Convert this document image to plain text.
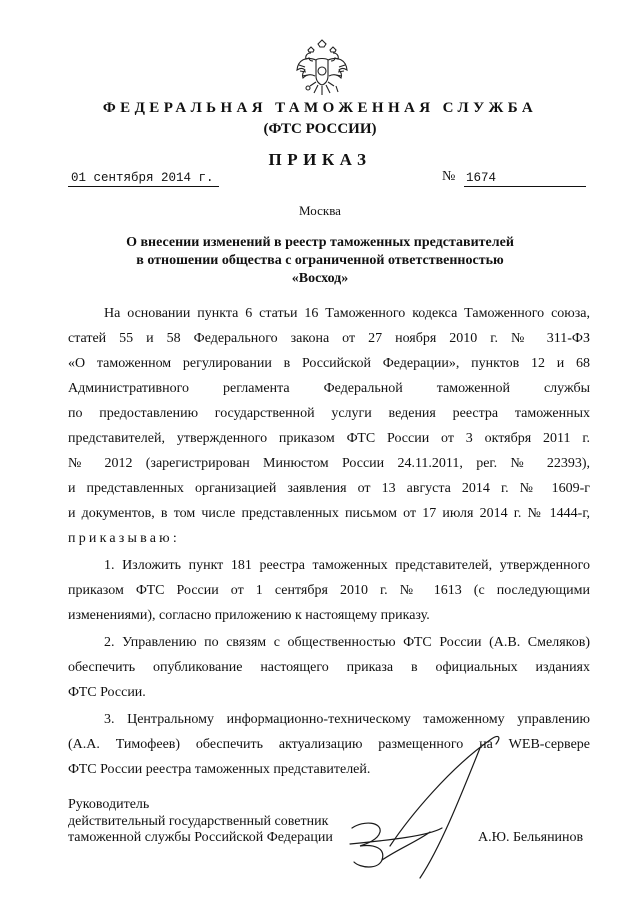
ФЕДЕРАЛЬНАЯ ТАМОЖЕННАЯ СЛУЖБА
(ФТС РОССИИ)
ПРИКАЗ
01 сентября 2014 г.	№ 1674
Москва
О внесении изменений в реестр таможенных представителей
в отношении общества с ограниченной ответственностью
«Восход»
На основании пункта 6 статьи 16 Таможенного кодекса Таможенного союза,
статей 55 и 58 Федерального закона от 27 ноября 2010 г. № 311-ФЗ
«О таможенном регулировании в Российской Федерации», пунктов 12 и 68
Административного регламента Федеральной таможенной службы
по предоставлению государственной услуги ведения реестра таможенных
представителей, утвержденного приказом ФТС России от 3 октября 2011 г.
№ 2012 (зарегистрирован Минюстом России 24.11.2011, рег. № 22393),
и представленных организацией заявления от 13 августа 2014 г. № 1609-г
и документов, в том числе представленных письмом от 17 июля 2014 г. № 1444-г,
приказываю:
1. Изложить пункт 181 реестра таможенных представителей, утвержденного
приказом ФТС России от 1 сентября 2010 г. № 1613 (с последующими
изменениями), согласно приложению к настоящему приказу.
2. Управлению по связям с общественностью ФТС России (А.В. Смеляков)
обеспечить опубликование настоящего приказа в официальных изданиях
ФТС России.
3. Центральному информационно-техническому таможенному управлению
(А.А. Тимофеев) обеспечить актуализацию размещенного на WEB-сервере
ФТС России реестра таможенных представителей.
Руководитель
действительный государственный советник
таможенной службы Российской Федерации	А.Ю. Бельянинов
